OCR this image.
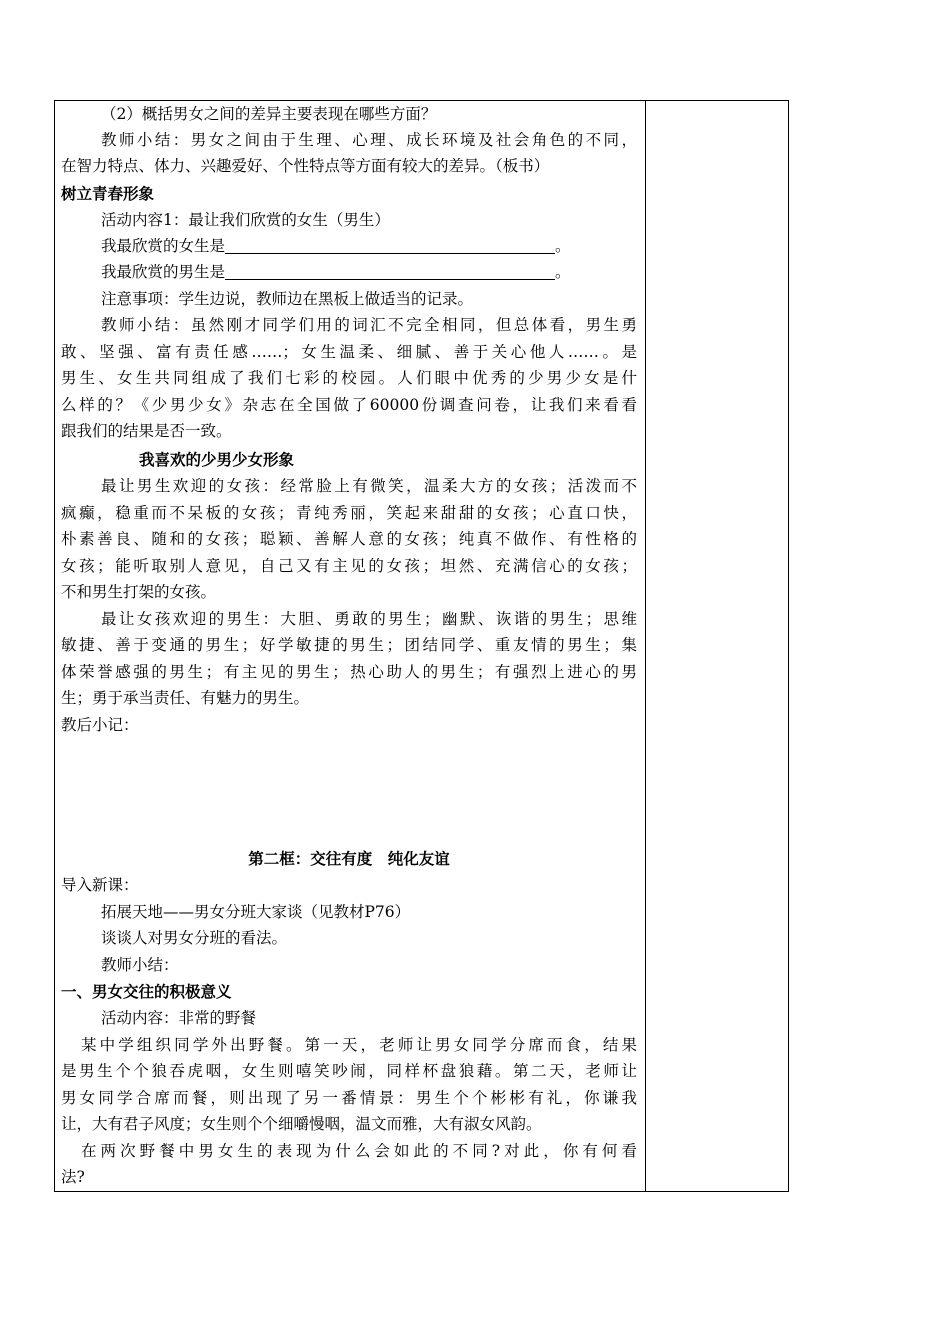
（2）概括男女之间的差异主要表现在哪些方面？
教师小结：男女之间由于生理、心理、成长环境及社会角色的不同，
在智力特点、体力、兴趣爱好、个性特点等方面有较大的差异。（板书）
树立青春形象
活动内容1：最让我们欣赏的女生（男生）
我最欣赏的女生是	。
我最欣赏的男生是	。
注意事项：学生边说，教师边在黑板上做适当的记录。
教师小结：虽然刚才同学们用的词汇不完全相同，但总体看，男生勇
敢、坚强、富有责任感……；女生温柔、细腻、善于关心他人……。是
男生、女生共同组成了我们七彩的校园。人们眼中优秀的少男少女是什
么样的？《少男少女》杂志在全国做了60000份调查问卷，让我们来看看
跟我们的结果是否一致。
我喜欢的少男少女形象
最让男生欢迎的女孩：经常脸上有微笑，温柔大方的女孩；活泼而不
疯癫，稳重而不呆板的女孩；青纯秀丽，笑起来甜甜的女孩；心直口快，
朴素善良、随和的女孩；聪颖、善解人意的女孩；纯真不做作、有性格的
女孩；能听取别人意见，自己又有主见的女孩；坦然、充满信心的女孩；
不和男生打架的女孩。
最让女孩欢迎的男生：大胆、勇敢的男生；幽默、诙谐的男生；思维
敏捷、善于变通的男生；好学敏捷的男生；团结同学、重友情的男生；集
体荣誉感强的男生；有主见的男生；热心助人的男生；有强烈上进心的男
生；勇于承当责任、有魅力的男生。
教后小记：
第二框：交往有度　纯化友谊
导入新课：
拓展天地——男女分班大家谈（见教材P76）
谈谈人对男女分班的看法。
教师小结：
一、男女交往的积极意义
活动内容：非常的野餐
某中学组织同学外出野餐。第一天，老师让男女同学分席而食，结果
是男生个个狼吞虎咽，女生则嘻笑吵闹，同样杯盘狼藉。第二天，老师让
男女同学合席而餐，则出现了另一番情景：男生个个彬彬有礼，你谦我
让，大有君子风度；女生则个个细嚼慢咽，温文而雅，大有淑女风韵。
在两次野餐中男女生的表现为什么会如此的不同?对此，你有何看
法?
